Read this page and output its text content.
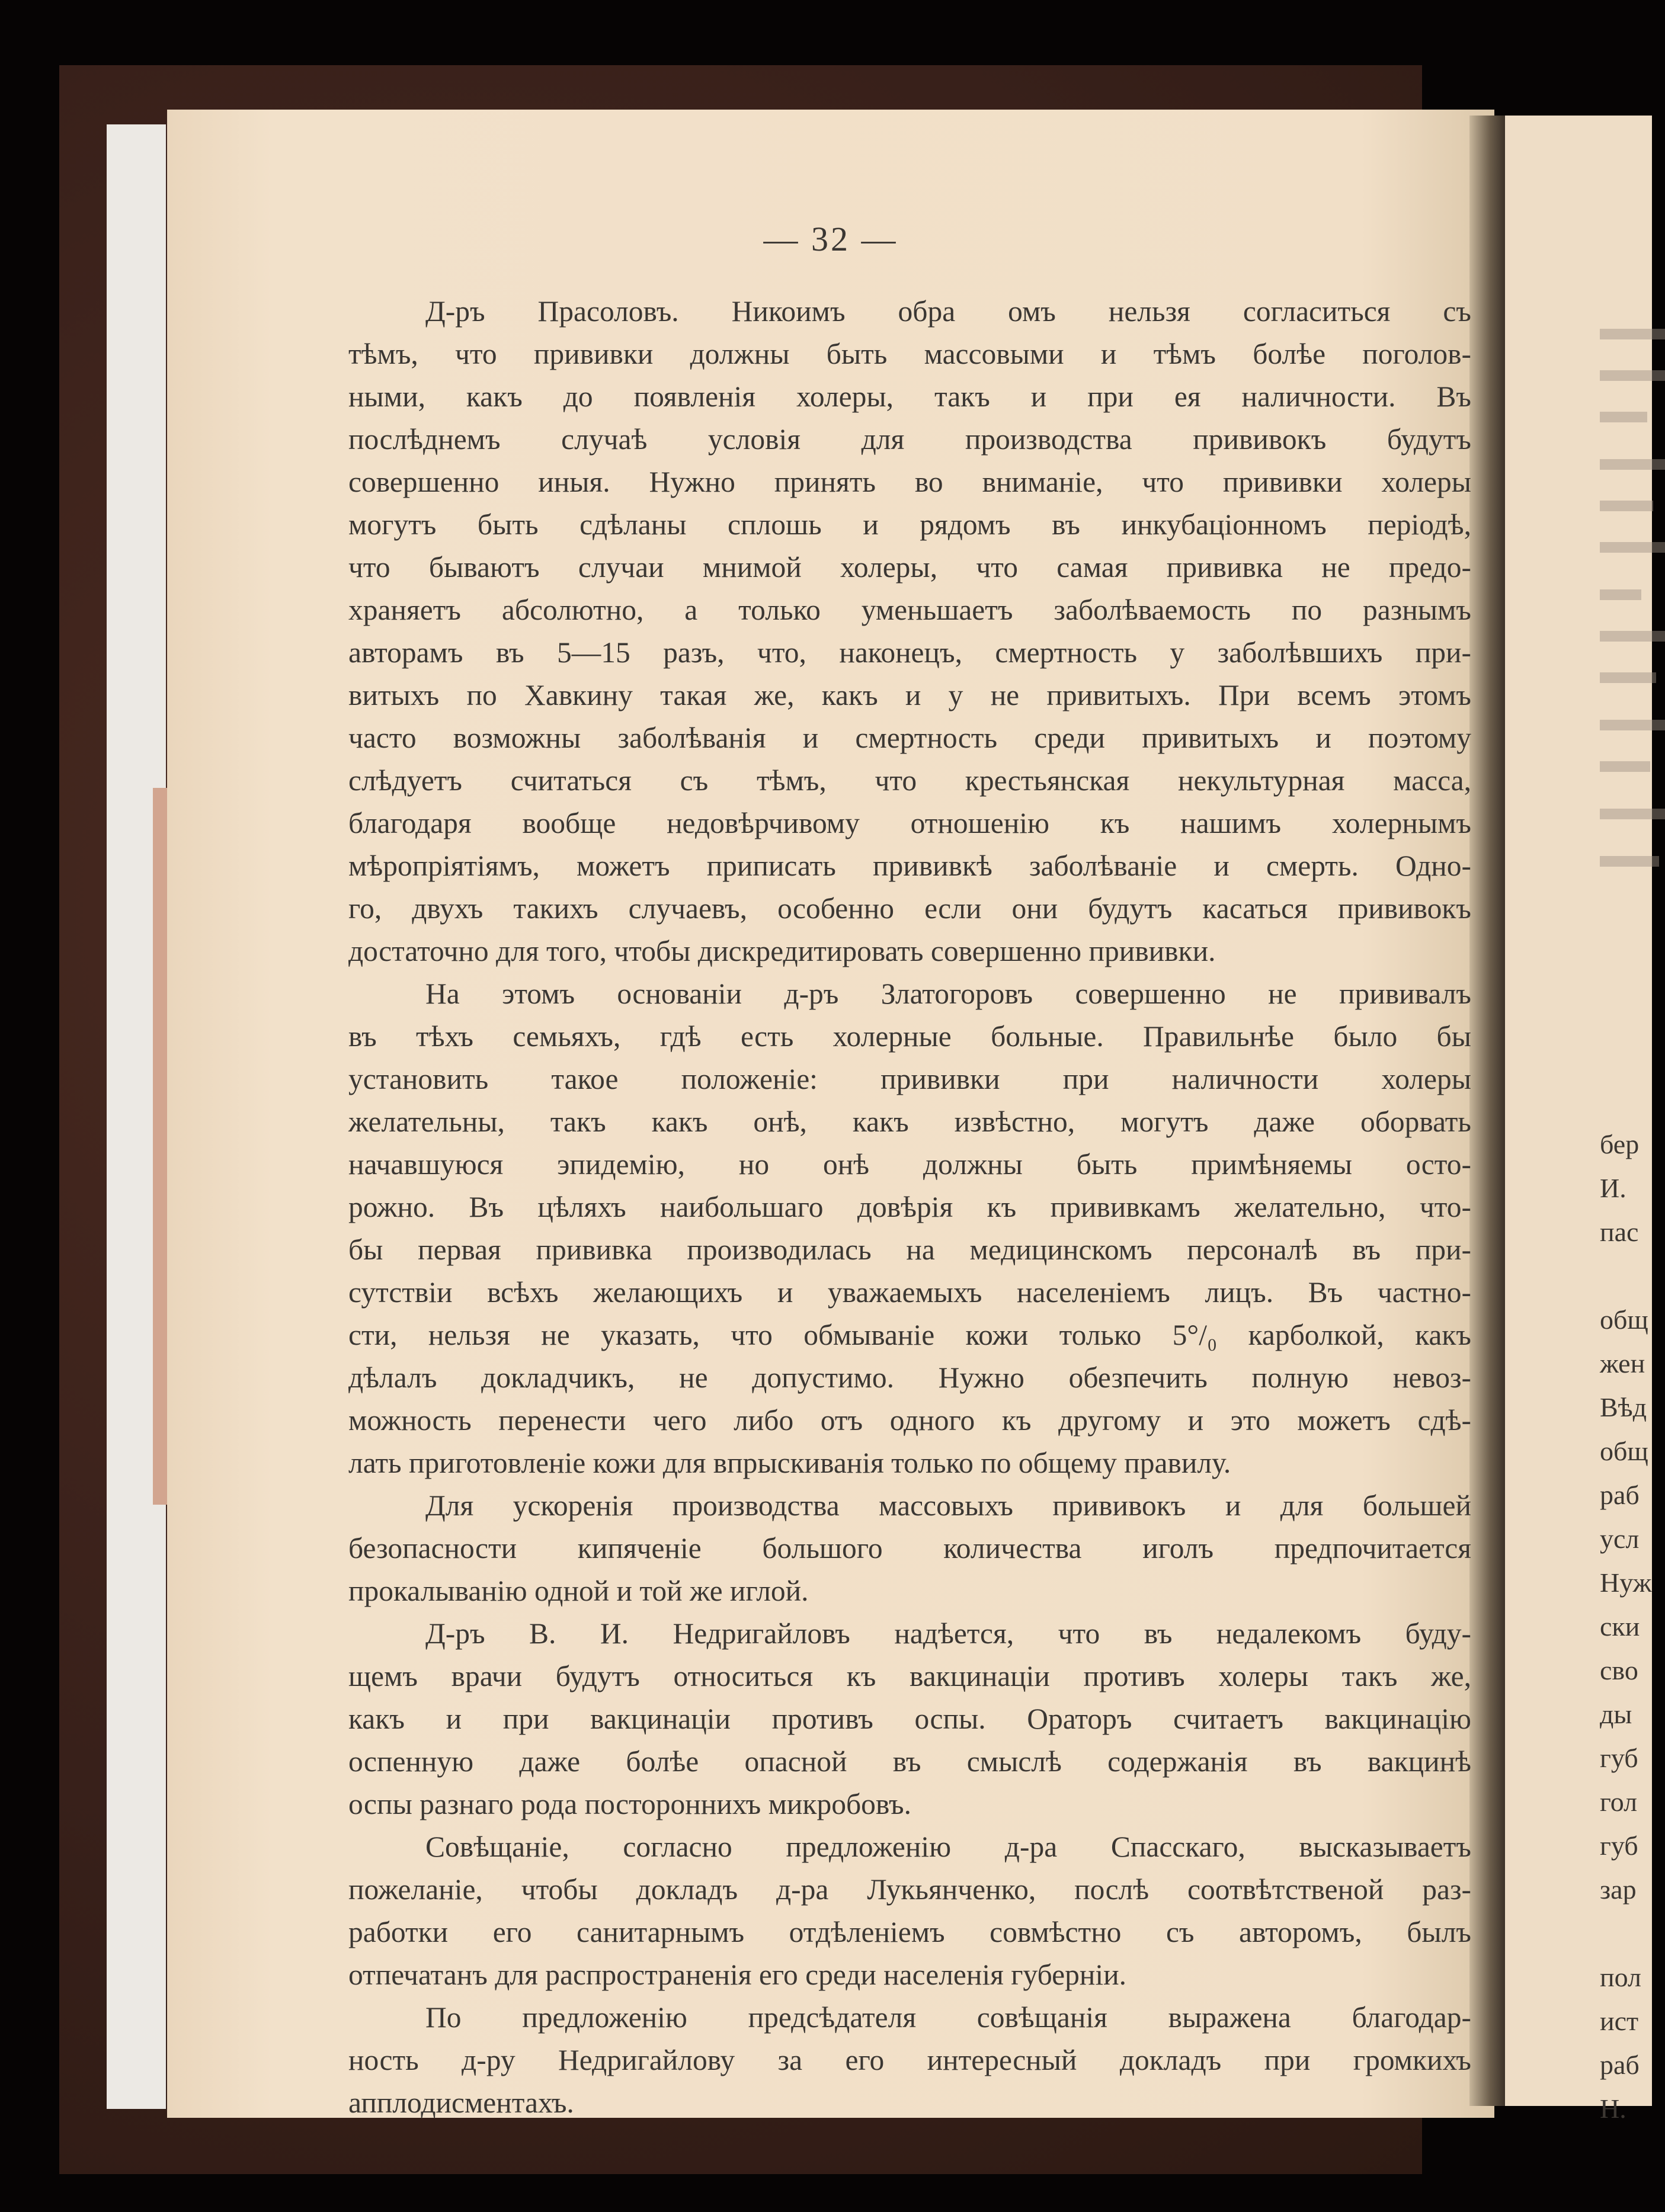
бер
И.
пас
общ
жен
Вѣд
общ
раб
усл
Нуж
ски
сво
ды
губ
гол
губ
зар
пол
ист
раб
Н.
— 32 —
Д-ръ Прасоловъ. Никоимъ обра омъ нельзя согласиться съ
тѣмъ, что прививки должны быть массовыми и тѣмъ болѣе поголов-
ными, какъ до появленія холеры, такъ и при ея наличности. Въ
послѣднемъ случаѣ условія для производства прививокъ будутъ
совершенно иныя. Нужно принять во вниманіе, что прививки холеры
могутъ быть сдѣланы сплошь и рядомъ въ инкубаціонномъ періодѣ,
что бываютъ случаи мнимой холеры, что самая прививка не предо-
храняетъ абсолютно, а только уменьшаетъ заболѣваемость по разнымъ
авторамъ въ 5—15 разъ, что, наконецъ, смертность у заболѣвшихъ при-
витыхъ по Хавкину такая же, какъ и у не привитыхъ. При всемъ этомъ
часто возможны заболѣванія и смертность среди привитыхъ и поэтому
слѣдуетъ считаться съ тѣмъ, что крестьянская некультурная масса,
благодаря вообще недовѣрчивому отношенію къ нашимъ холернымъ
мѣропріятіямъ, можетъ приписать прививкѣ заболѣваніе и смерть. Одно-
го, двухъ такихъ случаевъ, особенно если они будутъ касаться прививокъ
достаточно для того, чтобы дискредитировать совершенно прививки.
На этомъ основаніи д-ръ Златогоровъ совершенно не прививалъ
въ тѣхъ семьяхъ, гдѣ есть холерные больные. Правильнѣе было бы
установить такое положеніе: прививки при наличности холеры
желательны, такъ какъ онѣ, какъ извѣстно, могутъ даже оборвать
начавшуюся эпидемію, но онѣ должны быть примѣняемы осто-
рожно. Въ цѣляхъ наибольшаго довѣрія къ прививкамъ желательно, что-
бы первая прививка производилась на медицинскомъ персоналѣ въ при-
сутствіи всѣхъ желающихъ и уважаемыхъ населеніемъ лицъ. Въ частно-
сти, нельзя не указать, что обмываніе кожи только 5°/₀ карболкой, какъ
дѣлалъ докладчикъ, не допустимо. Нужно обезпечить полную невоз-
можность перенести чего либо отъ одного къ другому и это можетъ сдѣ-
лать приготовленіе кожи для впрыскиванія только по общему правилу.
Для ускоренія производства массовыхъ прививокъ и для большей
безопасности кипяченіе большого количества иголъ предпочитается
прокалыванію одной и той же иглой.
Д-ръ В. И. Недригайловъ надѣется, что въ недалекомъ буду-
щемъ врачи будутъ относиться къ вакцинаціи противъ холеры такъ же,
какъ и при вакцинаціи противъ оспы. Ораторъ считаетъ вакцинацію
оспенную даже болѣе опасной въ смыслѣ содержанія въ вакцинѣ
оспы разнаго рода постороннихъ микробовъ.
Совѣщаніе, согласно предложенію д-ра Спасскаго, высказываетъ
пожеланіе, чтобы докладъ д-ра Лукьянченко, послѣ соотвѣтственой раз-
работки его санитарнымъ отдѣленіемъ совмѣстно съ авторомъ, былъ
отпечатанъ для распространенія его среди населенія губерніи.
По предложенію предсѣдателя совѣщанія выражена благодар-
ность д-ру Недригайлову за его интересный докладъ при громкихъ
апплодисментахъ.
